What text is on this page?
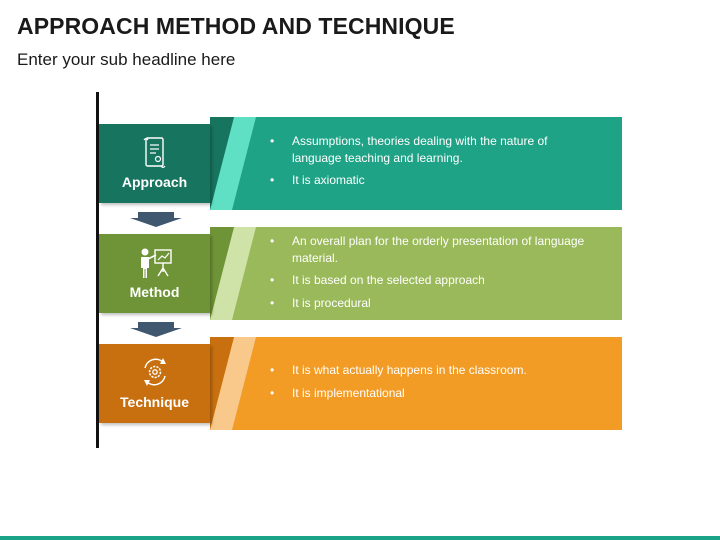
APPROACH METHOD AND TECHNIQUE
Enter your sub headline here
Approach
• Assumptions, theories dealing with the nature of language teaching and learning.
• It is axiomatic
Method
• An overall plan for the orderly presentation of language material.
• It is based on the selected approach
• It is procedural
Technique
• It is what actually happens in the classroom.
• It is implementational
